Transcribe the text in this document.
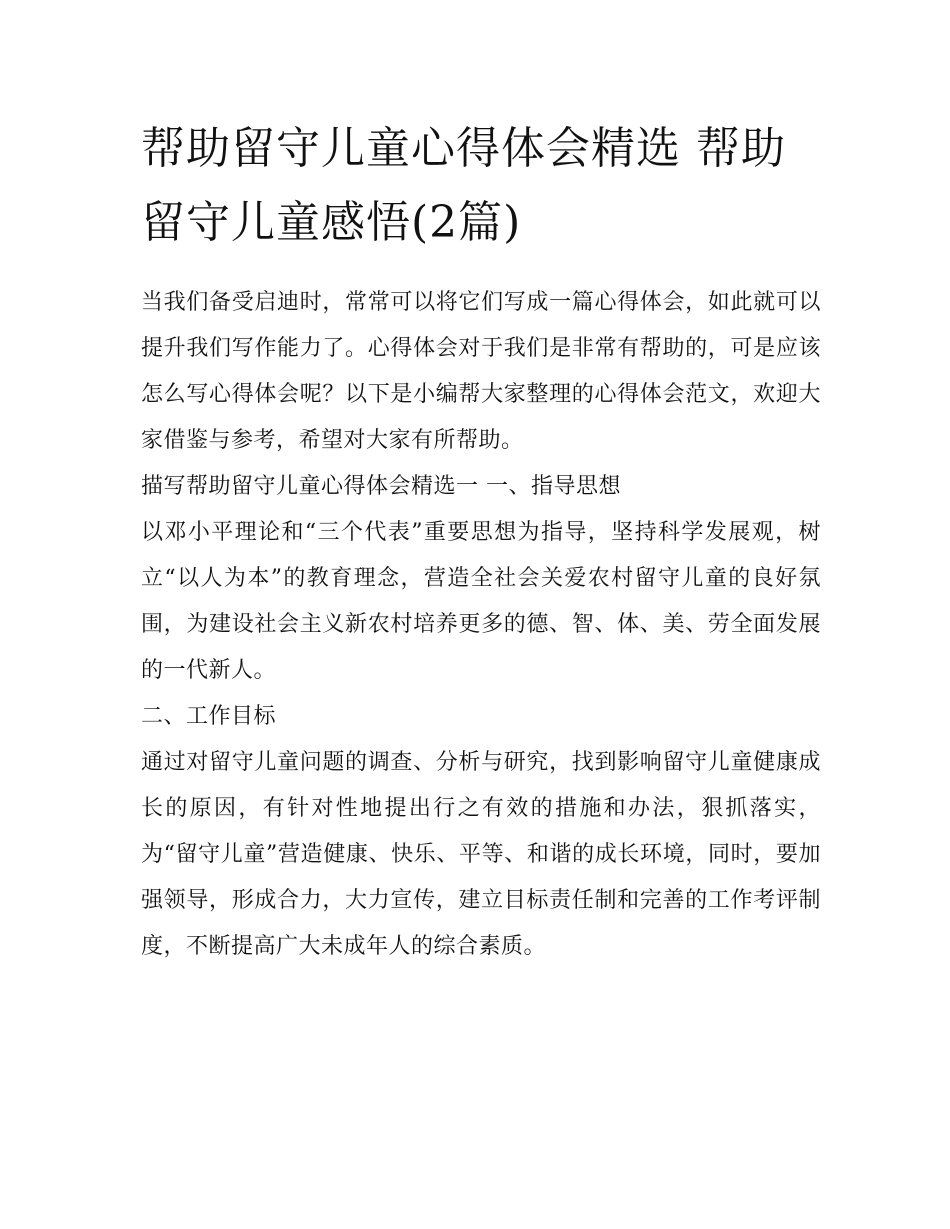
帮助留守儿童心得体会精选 帮助留守儿童感悟(2篇)

当我们备受启迪时，常常可以将它们写成一篇心得体会，如此就可以提升我们写作能力了。心得体会对于我们是非常有帮助的，可是应该怎么写心得体会呢？以下是小编帮大家整理的心得体会范文，欢迎大家借鉴与参考，希望对大家有所帮助。

描写帮助留守儿童心得体会精选一 一、指导思想

以邓小平理论和“三个代表”重要思想为指导，坚持科学发展观，树立“以人为本”的教育理念，营造全社会关爱农村留守儿童的良好氛围，为建设社会主义新农村培养更多的德、智、体、美、劳全面发展的一代新人。

二、工作目标

通过对留守儿童问题的调查、分析与研究，找到影响留守儿童健康成长的原因，有针对性地提出行之有效的措施和办法，狠抓落实，为“留守儿童”营造健康、快乐、平等、和谐的成长环境，同时，要加强领导，形成合力，大力宣传，建立目标责任制和完善的工作考评制度，不断提高广大未成年人的综合素质。
